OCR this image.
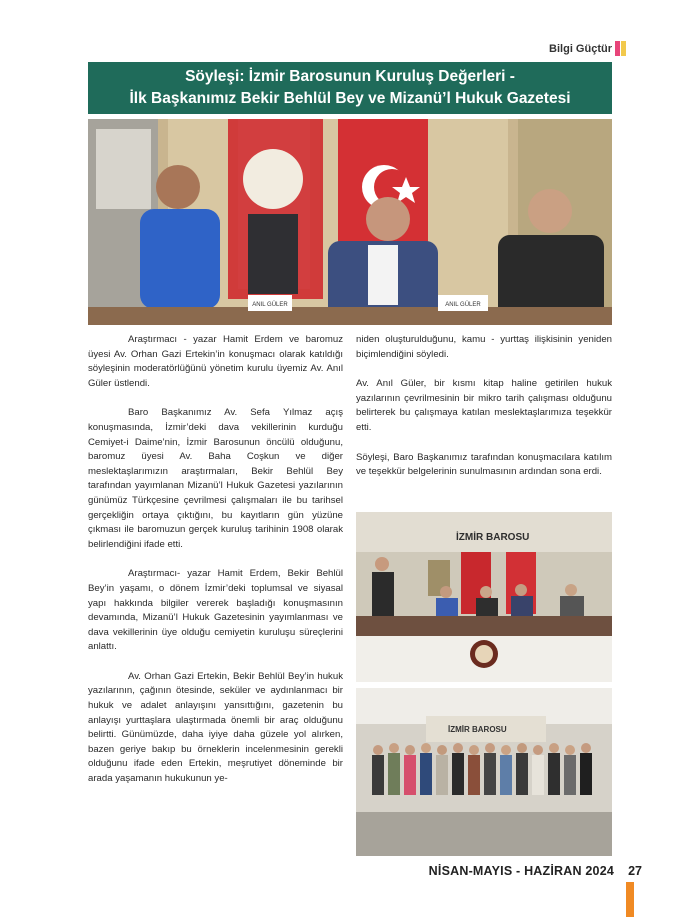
Bilgi Güçtür
Söyleşi: İzmir Barosunun Kuruluş Değerleri -
İlk Başkanımız Bekir Behlül Bey ve Mizanü’l Hukuk Gazetesi
ANIL GÜLER	ANIL GÜLER

Araştırmacı - yazar Hamit Erdem ve baromuz üyesi Av. Orhan Gazi Ertekin’in konuşmacı olarak katıldığı söyleşinin moderatörlüğünü yönetim kurulu üyemiz Av. Anıl Güler üstlendi.

Baro Başkanımız Av. Sefa Yılmaz açış konuşmasında, İzmir’deki dava vekillerinin kurduğu Cemiyet-i Daime’nin, İzmir Barosunun öncülü olduğunu, baromuz üyesi Av. Baha Coşkun ve diğer meslektaşlarımızın araştırmaları, Bekir Behlül Bey tarafından yayımlanan Mizanü’l Hukuk Gazetesi yazılarının günümüz Türkçesine çevrilmesi çalışmaları ile bu tarihsel gerçekliğin ortaya çıktığını, bu kayıtların gün yüzüne çıkması ile baromuzun gerçek kuruluş tarihinin 1908 olarak belirlendiğini ifade etti.

Araştırmacı- yazar Hamit Erdem, Bekir Behlül Bey’in yaşamı, o dönem İzmir’deki toplumsal ve siyasal yapı hakkında bilgiler vererek başladığı konuşmasının devamında, Mizanü’l Hukuk Gazetesinin yayımlanması ve dava vekillerinin üye olduğu cemiyetin kuruluşu süreçlerini anlattı.

Av. Orhan Gazi Ertekin, Bekir Behlül Bey’in hukuk yazılarının, çağının ötesinde, seküler ve aydınlanmacı bir hukuk ve adalet anlayışını yansıttığını, gazetenin bu anlayışı yurttaşlara ulaştırmada önemli bir araç olduğunu belirtti. Günümüzde, daha iyiye daha güzele yol alırken, bazen geriye bakıp bu örneklerin incelenmesinin gerekli olduğunu ifade eden Ertekin, meşrutiyet döneminde bir arada yaşamanın hukukunun ye-

niden oluşturulduğunu, kamu - yurttaş ilişkisinin yeniden biçimlendiğini söyledi.

Av. Anıl Güler, bir kısmı kitap haline getirilen hukuk yazılarının çevrilmesinin bir mikro tarih çalışması olduğunu belirterek bu çalışmaya katılan meslektaşlarımıza teşekkür etti.

Söyleşi, Baro Başkanımız tarafından konuşmacılara katılım ve teşekkür belgelerinin sunulmasının ardından sona erdi.

İZMİR BAROSU
İZMİR BAROSU
NİSAN-MAYIS - HAZİRAN 2024 27
